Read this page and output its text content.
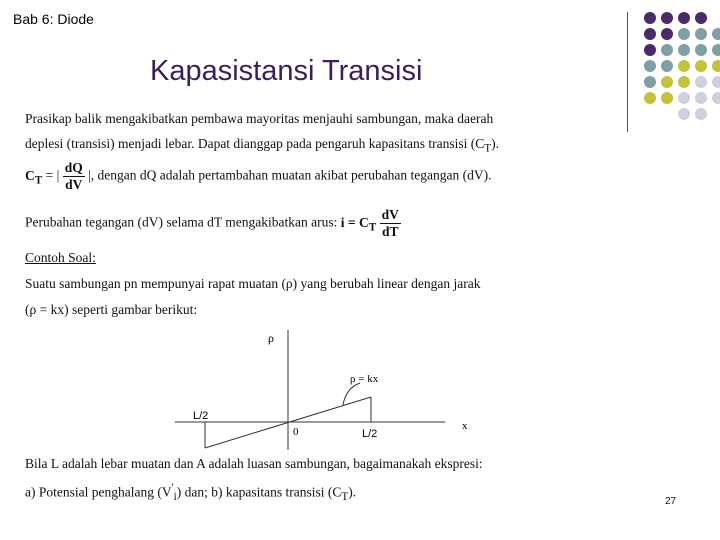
Bab 6: Diode
Kapasistansi Transisi
Prasikap balik mengakibatkan pembawa mayoritas menjauhi sambungan, maka daerah
deplesi (transisi) menjadi lebar. Dapat dianggap pada pengaruh kapasitans transisi $(C_T)$.
$C_T$ = | $\frac{dQ}{dV}$ |, dengan dQ adalah pertambahan muatan akibat perubahan tegangan (dV).
Perubahan tegangan (dV) selama dT mengakibatkan arus: $i = C_T \frac{dV}{dT}$
Contoh Soal:
Suatu sambungan pn mempunyai rapat muatan (ρ) yang berubah linear dengan jarak
(ρ = kx) seperti gambar berikut:
ρ
x
ρ = kx
L/2
0	L/2
Bila L adalah lebar muatan dan A adalah luasan sambungan, bagaimanakah ekspresi:
a) Potensial penghalang $(V'_i)$ dan; b) kapasitans transisi $(C_T)$.
27
